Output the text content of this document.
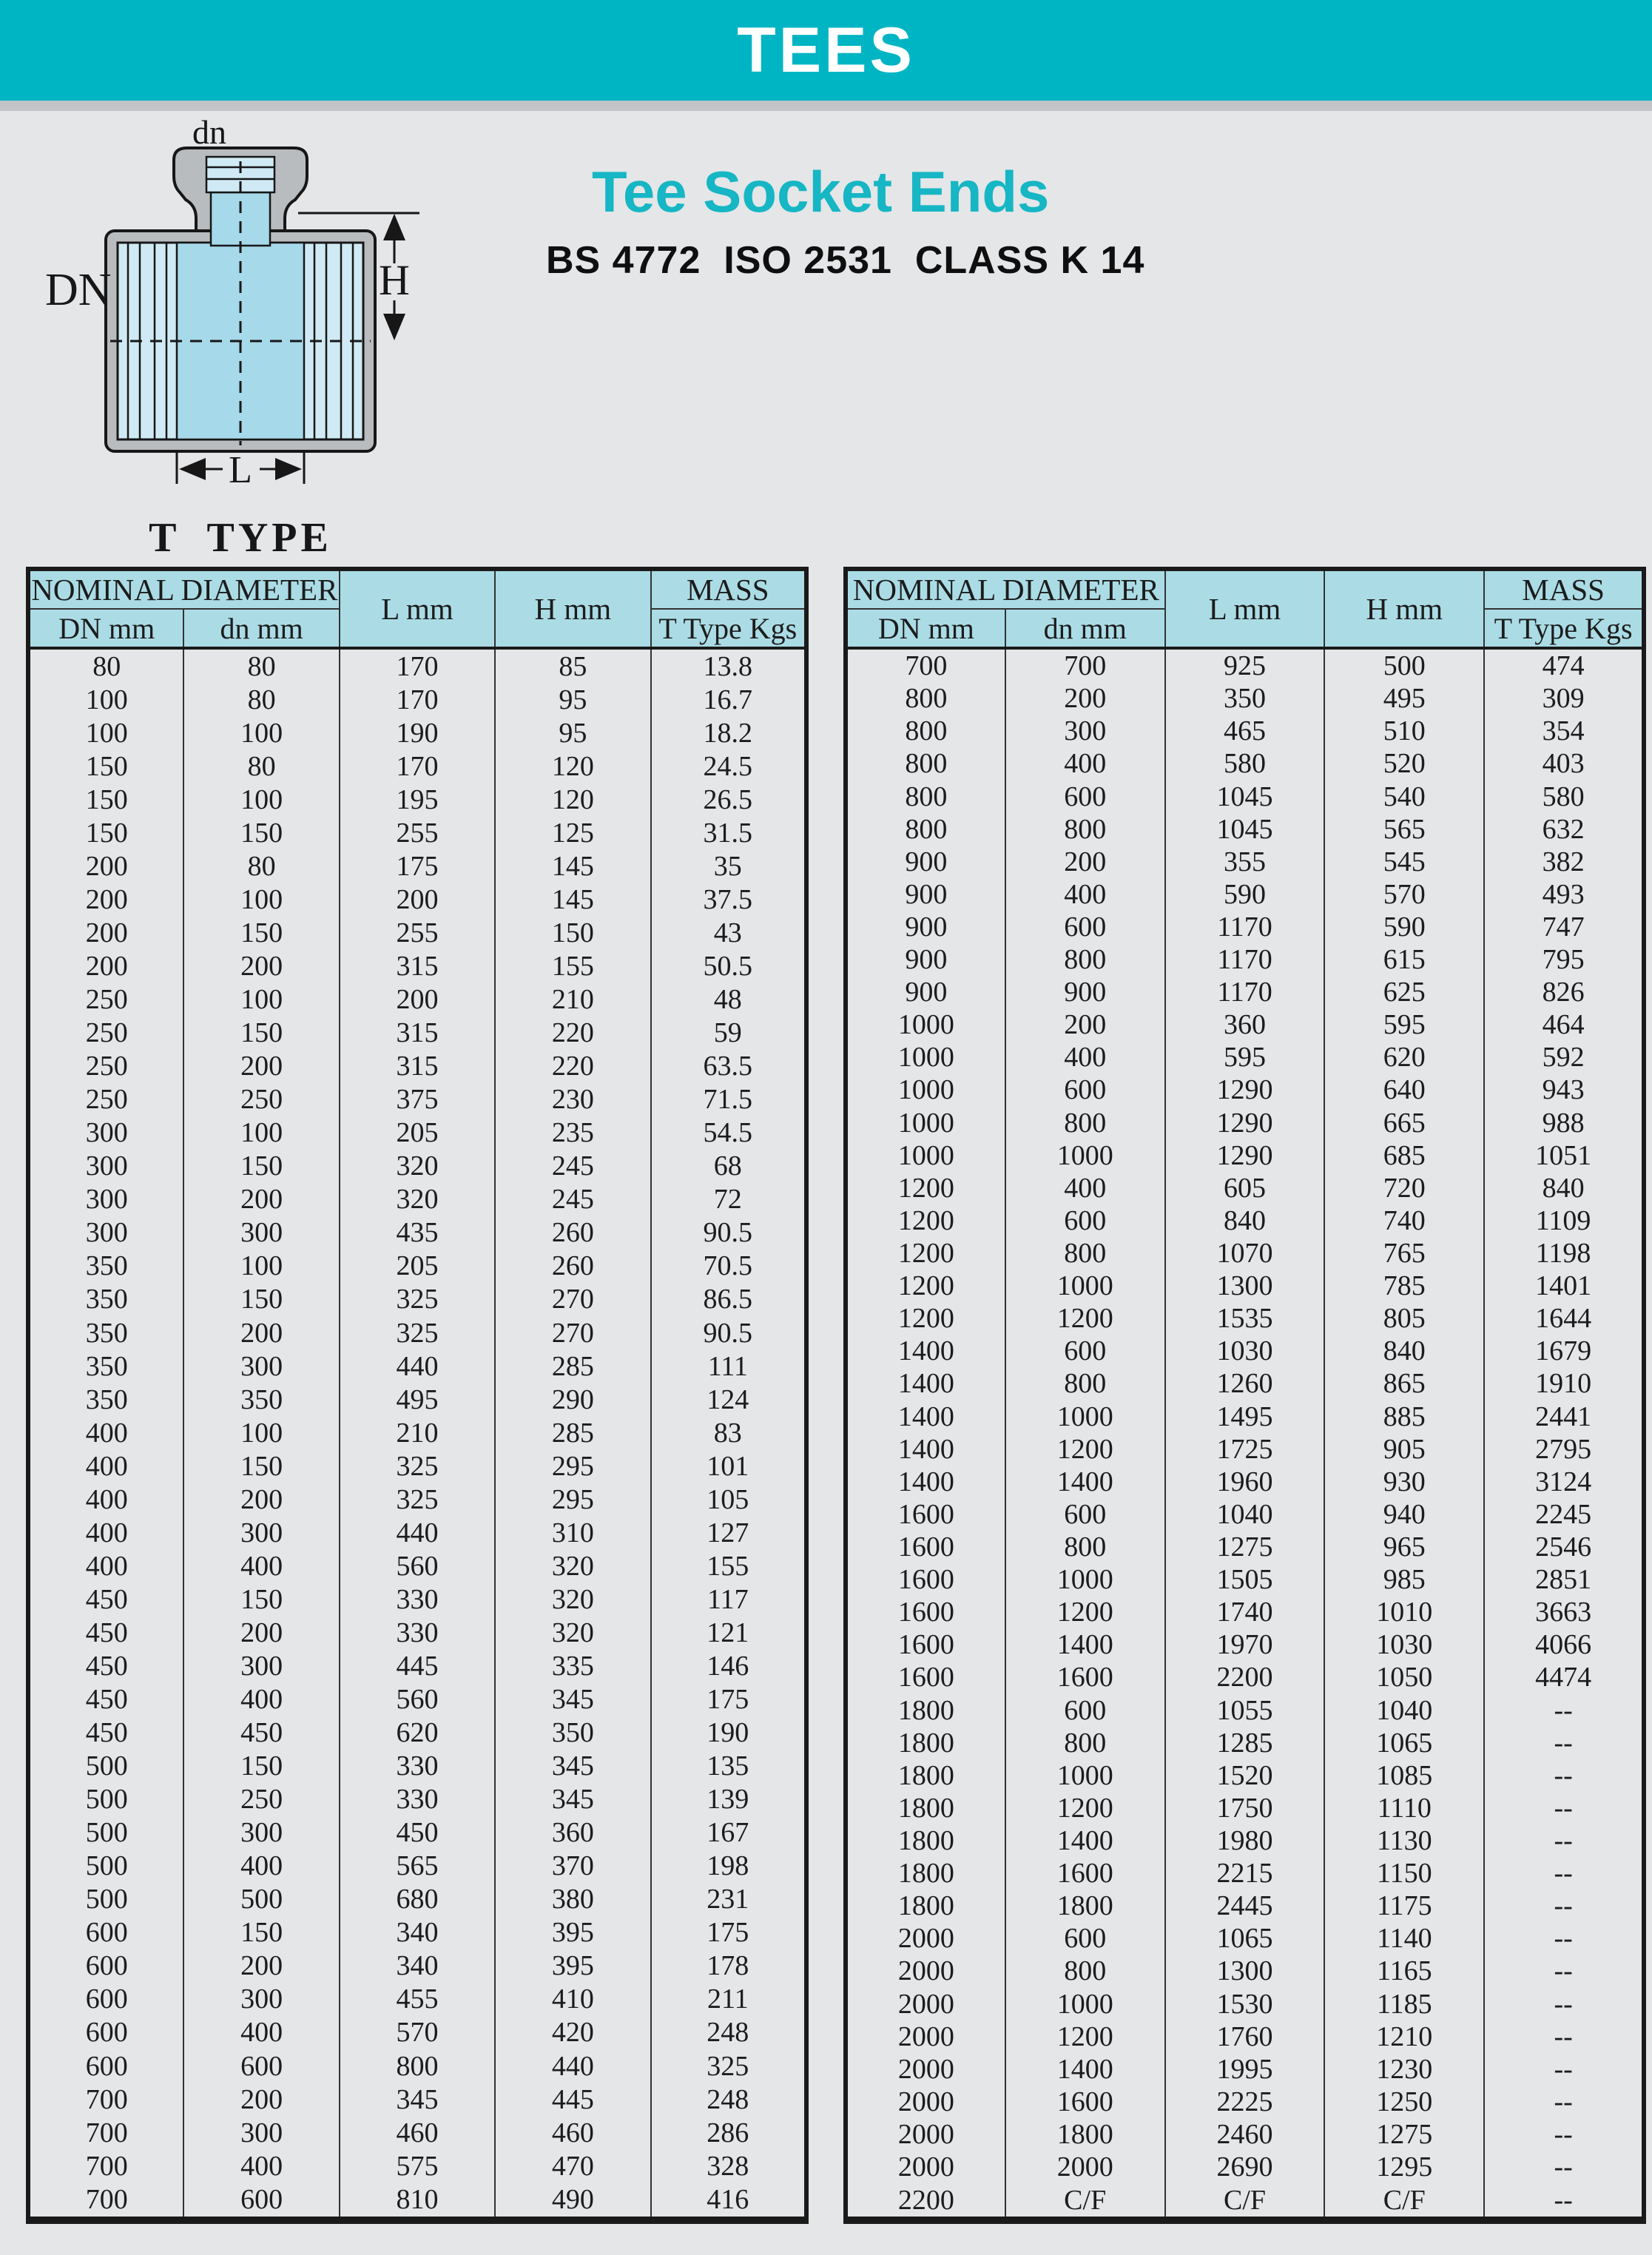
TEES
Tee Socket Ends
BS 4772  ISO 2531  CLASS K 14
H
L
dn
DN
T  TYPE
NOMINAL DIAMETER		L mm	H mm	MASS
DN mm	dn mm			T Type Kgs
80	80	170	85	13.8
100	80	170	95	16.7
100	100	190	95	18.2
150	80	170	120	24.5
150	100	195	120	26.5
150	150	255	125	31.5
200	80	175	145	35
200	100	200	145	37.5
200	150	255	150	43
200	200	315	155	50.5
250	100	200	210	48
250	150	315	220	59
250	200	315	220	63.5
250	250	375	230	71.5
300	100	205	235	54.5
300	150	320	245	68
300	200	320	245	72
300	300	435	260	90.5
350	100	205	260	70.5
350	150	325	270	86.5
350	200	325	270	90.5
350	300	440	285	111
350	350	495	290	124
400	100	210	285	83
400	150	325	295	101
400	200	325	295	105
400	300	440	310	127
400	400	560	320	155
450	150	330	320	117
450	200	330	320	121
450	300	445	335	146
450	400	560	345	175
450	450	620	350	190
500	150	330	345	135
500	250	330	345	139
500	300	450	360	167
500	400	565	370	198
500	500	680	380	231
600	150	340	395	175
600	200	340	395	178
600	300	455	410	211
600	400	570	420	248
600	600	800	440	325
700	200	345	445	248
700	300	460	460	286
700	400	575	470	328
700	600	810	490	416
NOMINAL DIAMETER		L mm	H mm	MASS
DN mm	dn mm			T Type Kgs
700	700	925	500	474
800	200	350	495	309
800	300	465	510	354
800	400	580	520	403
800	600	1045	540	580
800	800	1045	565	632
900	200	355	545	382
900	400	590	570	493
900	600	1170	590	747
900	800	1170	615	795
900	900	1170	625	826
1000	200	360	595	464
1000	400	595	620	592
1000	600	1290	640	943
1000	800	1290	665	988
1000	1000	1290	685	1051
1200	400	605	720	840
1200	600	840	740	1109
1200	800	1070	765	1198
1200	1000	1300	785	1401
1200	1200	1535	805	1644
1400	600	1030	840	1679
1400	800	1260	865	1910
1400	1000	1495	885	2441
1400	1200	1725	905	2795
1400	1400	1960	930	3124
1600	600	1040	940	2245
1600	800	1275	965	2546
1600	1000	1505	985	2851
1600	1200	1740	1010	3663
1600	1400	1970	1030	4066
1600	1600	2200	1050	4474
1800	600	1055	1040	--
1800	800	1285	1065	--
1800	1000	1520	1085	--
1800	1200	1750	1110	--
1800	1400	1980	1130	--
1800	1600	2215	1150	--
1800	1800	2445	1175	--
2000	600	1065	1140	--
2000	800	1300	1165	--
2000	1000	1530	1185	--
2000	1200	1760	1210	--
2000	1400	1995	1230	--
2000	1600	2225	1250	--
2000	1800	2460	1275	--
2000	2000	2690	1295	--
2200	C/F	C/F	C/F	--
